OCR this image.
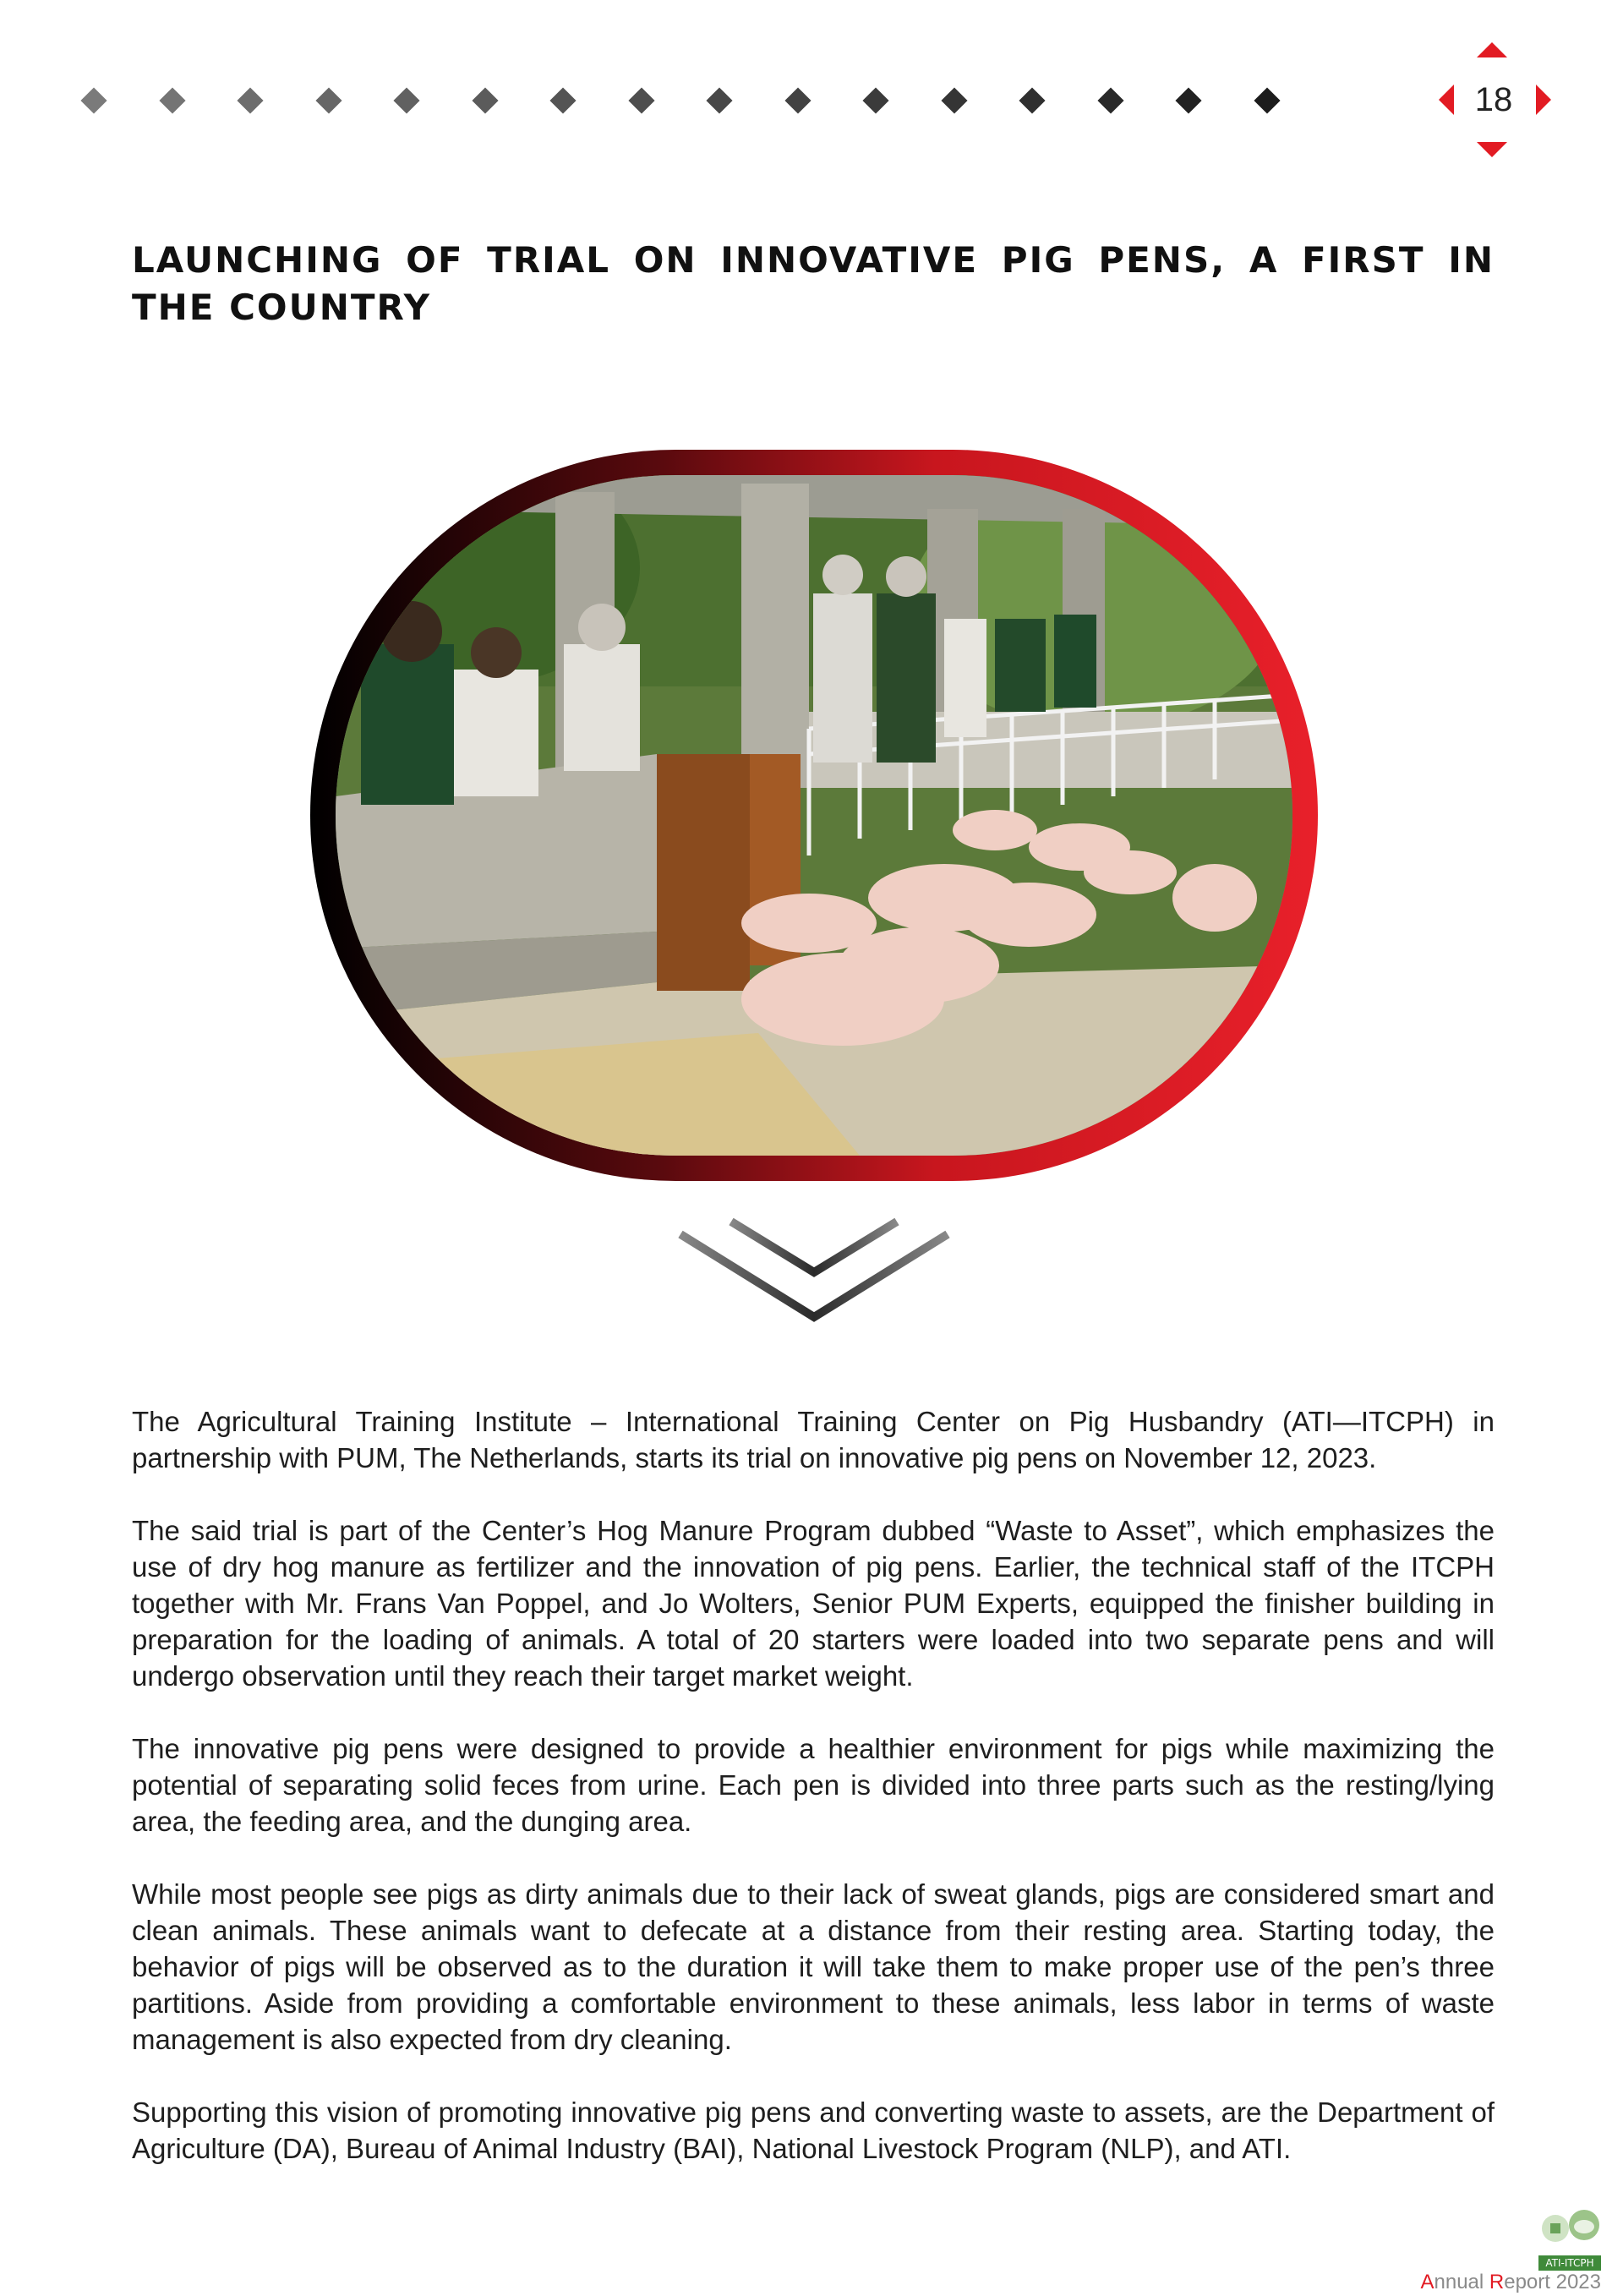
18
LAUNCHING OF TRIAL ON INNOVATIVE PIG PENS, A FIRST IN THE COUNTRY

The Agricultural Training Institute – International Training Center on Pig Husbandry (ATI—ITCPH) in partnership with PUM, The Netherlands, starts its trial on innovative pig pens on November 12, 2023.

The said trial is part of the Center’s Hog Manure Program dubbed “Waste to Asset”, which emphasizes the use of dry hog manure as fertilizer and the innovation of pig pens. Earlier, the technical staff of the ITCPH together with Mr. Frans Van Poppel, and Jo Wolters, Senior PUM Experts, equipped the finisher building in preparation for the loading of animals. A total of 20 starters were loaded into two separate pens and will undergo observation until they reach their target market weight.

The innovative pig pens were designed to provide a healthier environment for pigs while maximizing the potential of separating solid feces from urine. Each pen is divided into three parts such as the resting/lying area, the feeding area, and the dunging area.

While most people see pigs as dirty animals due to their lack of sweat glands, pigs are considered smart and clean animals. These animals want to defecate at a distance from their resting area. Starting today, the behavior of pigs will be observed as to the duration it will take them to make proper use of the pen’s three partitions. Aside from providing a comfortable environment to these animals, less labor in terms of waste management is also expected from dry cleaning.

Supporting this vision of promoting innovative pig pens and converting waste to assets, are the Department of Agriculture (DA), Bureau of Animal Industry (BAI), National Livestock Program (NLP), and ATI.

ATI-ITCPH
Annual Report 2023
